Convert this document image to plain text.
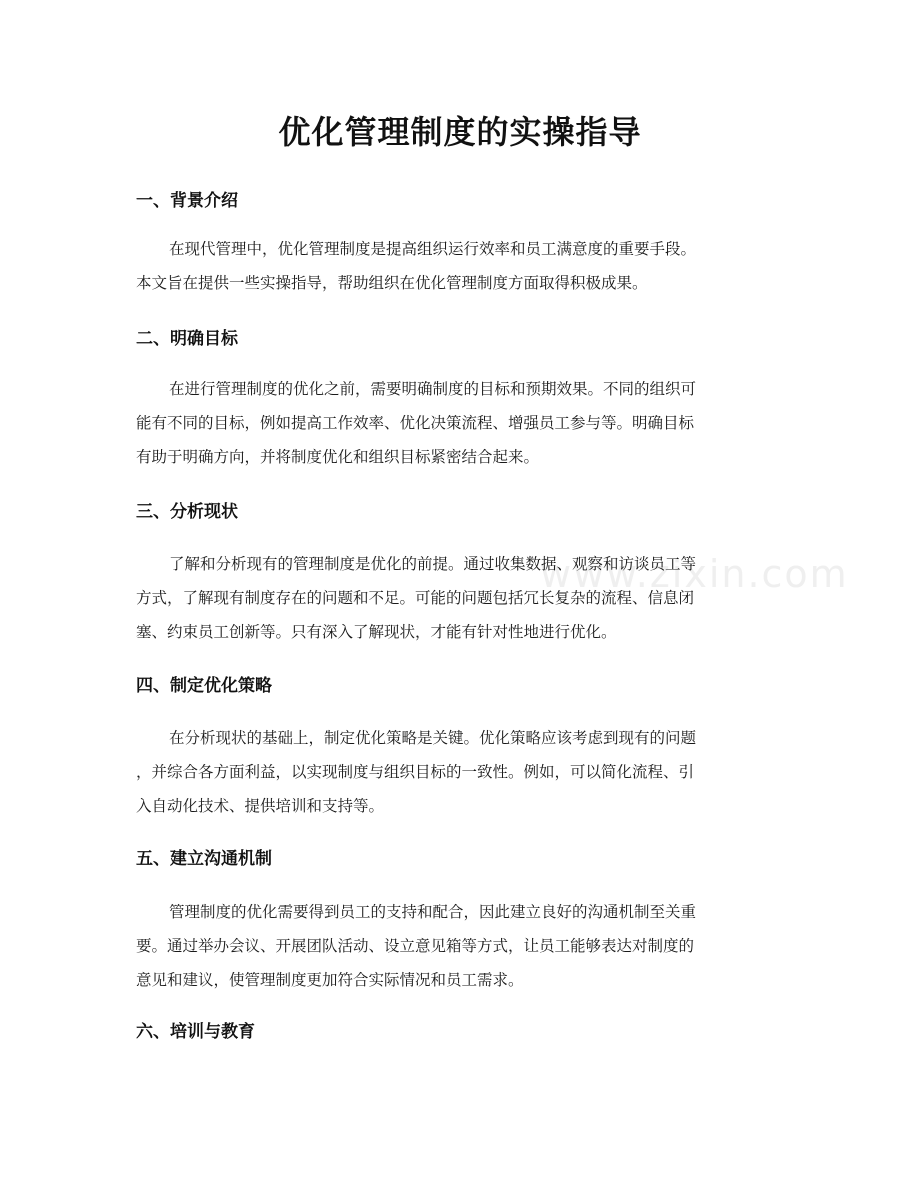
优化管理制度的实操指导
www.zixin.com
一、背景介绍
在现代管理中，优化管理制度是提高组织运行效率和员工满意度的重要手段。
本文旨在提供一些实操指导，帮助组织在优化管理制度方面取得积极成果。
二、明确目标
在进行管理制度的优化之前，需要明确制度的目标和预期效果。不同的组织可
能有不同的目标，例如提高工作效率、优化决策流程、增强员工参与等。明确目标
有助于明确方向，并将制度优化和组织目标紧密结合起来。
三、分析现状
了解和分析现有的管理制度是优化的前提。通过收集数据、观察和访谈员工等
方式，了解现有制度存在的问题和不足。可能的问题包括冗长复杂的流程、信息闭
塞、约束员工创新等。只有深入了解现状，才能有针对性地进行优化。
四、制定优化策略
在分析现状的基础上，制定优化策略是关键。优化策略应该考虑到现有的问题
，并综合各方面利益，以实现制度与组织目标的一致性。例如，可以简化流程、引
入自动化技术、提供培训和支持等。
五、建立沟通机制
管理制度的优化需要得到员工的支持和配合，因此建立良好的沟通机制至关重
要。通过举办会议、开展团队活动、设立意见箱等方式，让员工能够表达对制度的
意见和建议，使管理制度更加符合实际情况和员工需求。
六、培训与教育
